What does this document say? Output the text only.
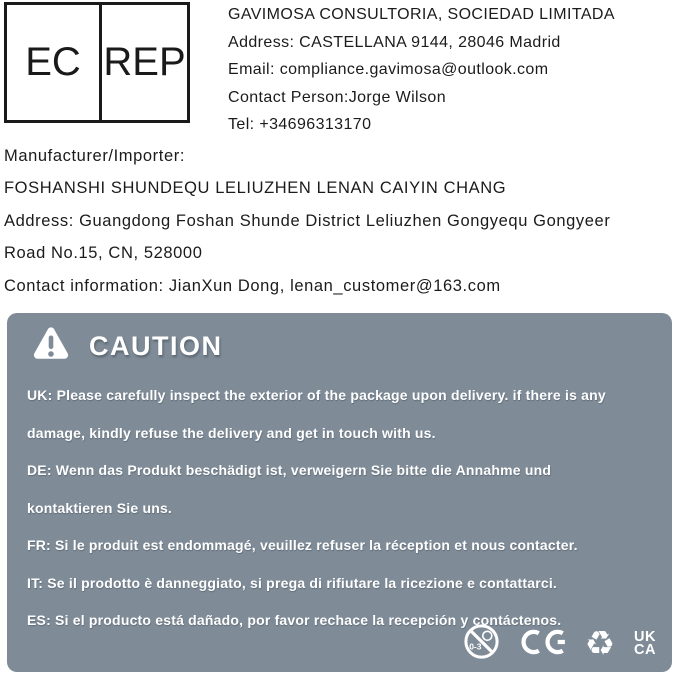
EC REP
GAVIMOSA CONSULTORIA, SOCIEDAD LIMITADA
Address: CASTELLANA 9144, 28046 Madrid
Email: compliance.gavimosa@outlook.com
Contact Person:Jorge Wilson
Tel: +34696313170
Manufacturer/Importer:
FOSHANSHI SHUNDEQU LELIUZHEN LENAN CAIYIN CHANG
Address: Guangdong Foshan Shunde District Leliuzhen Gongyequ Gongyeer
Road No.15, CN, 528000
Contact information: JianXun Dong, lenan_customer@163.com
CAUTION
UK: Please carefully inspect the exterior of the package upon delivery. if there is any
damage, kindly refuse the delivery and get in touch with us.
DE: Wenn das Produkt beschädigt ist, verweigern Sie bitte die Annahme und
kontaktieren Sie uns.
FR: Si le produit est endommagé, veuillez refuser la réception et nous contacter.
IT: Se il prodotto è danneggiato, si prega di rifiutare la ricezione e contattarci.
ES: Si el producto está dañado, por favor rechace la recepción y contáctenos.
0-3	♻ UK
CA
